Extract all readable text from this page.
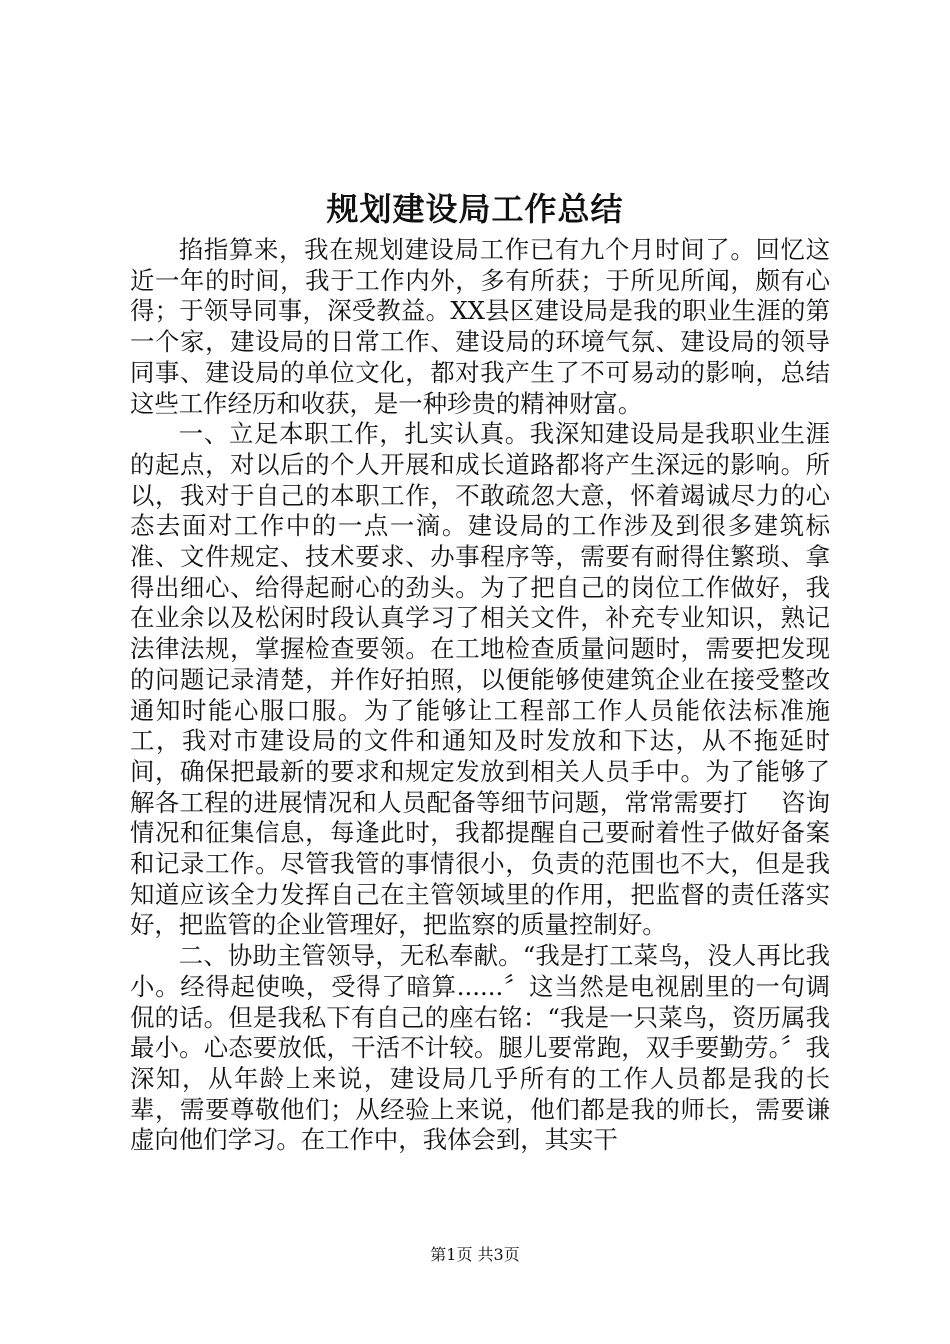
规划建设局工作总结

掐指算来，我在规划建设局工作已有九个月时间了。回忆这近一年的时间，我于工作内外，多有所获；于所见所闻，颇有心得；于领导同事，深受教益。XX县区建设局是我的职业生涯的第一个家，建设局的日常工作、建设局的环境气氛、建设局的领导同事、建设局的单位文化，都对我产生了不可易动的影响，总结这些工作经历和收获，是一种珍贵的精神财富。

一、立足本职工作，扎实认真。我深知建设局是我职业生涯的起点，对以后的个人开展和成长道路都将产生深远的影响。所以，我对于自己的本职工作，不敢疏忽大意，怀着竭诚尽力的心态去面对工作中的一点一滴。建设局的工作涉及到很多建筑标准、文件规定、技术要求、办事程序等，需要有耐得住繁琐、拿得出细心、给得起耐心的劲头。为了把自己的岗位工作做好，我在业余以及松闲时段认真学习了相关文件，补充专业知识，熟记法律法规，掌握检查要领。在工地检查质量问题时，需要把发现的问题记录清楚，并作好拍照，以便能够使建筑企业在接受整改通知时能心服口服。为了能够让工程部工作人员能依法标准施工，我对市建设局的文件和通知及时发放和下达，从不拖延时间，确保把最新的要求和规定发放到相关人员手中。为了能够了解各工程的进展情况和人员配备等细节问题，常常需要打　 咨询情况和征集信息，每逢此时，我都提醒自己要耐着性子做好备案和记录工作。尽管我管的事情很小，负责的范围也不大，但是我知道应该全力发挥自己在主管领域里的作用，把监督的责任落实好，把监管的企业管理好，把监察的质量控制好。

二、协助主管领导，无私奉献。“我是打工菜鸟，没人再比我小。经得起使唤，受得了暗算......〞这当然是电视剧里的一句调侃的话。但是我私下有自己的座右铭：“我是一只菜鸟，资历属我最小。心态要放低，干活不计较。腿儿要常跑，双手要勤劳。〞我深知，从年龄上来说，建设局几乎所有的工作人员都是我的长辈，需要尊敬他们；从经验上来说，他们都是我的师长，需要谦虚向他们学习。在工作中，我体会到，其实干

第1页 共3页
